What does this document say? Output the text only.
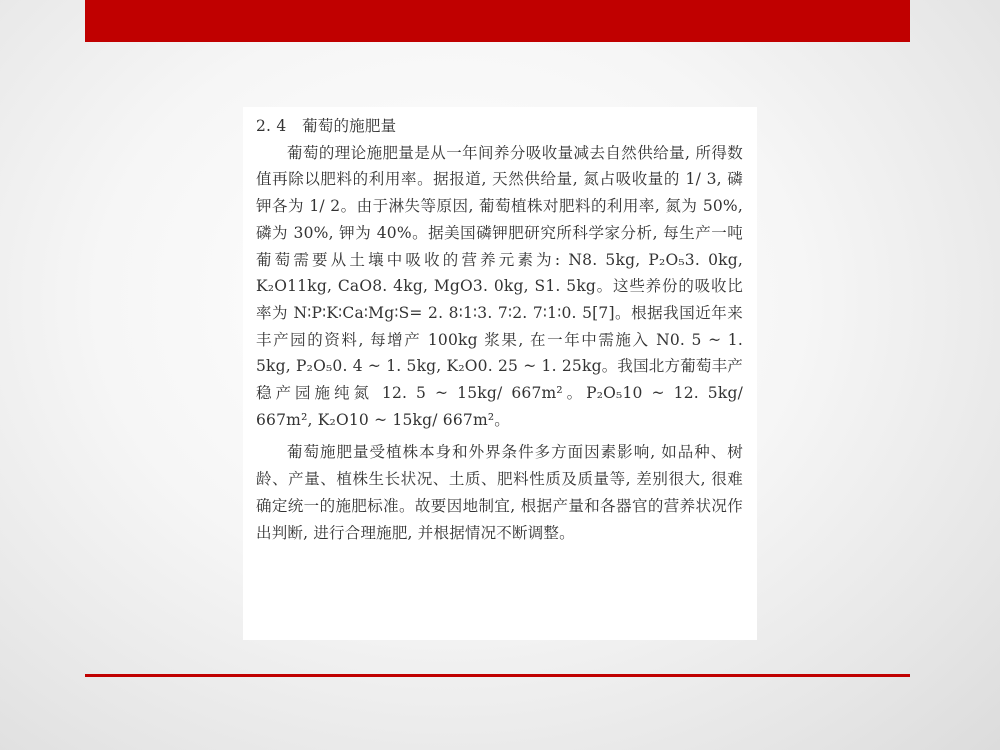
2. 4　葡萄的施肥量

葡萄的理论施肥量是从一年间养分吸收量减去自然供给量, 所得数值再除以肥料的利用率。据报道, 天然供给量, 氮占吸收量的 1/ 3, 磷钾各为 1/ 2。由于淋失等原因, 葡萄植株对肥料的利用率, 氮为 50%, 磷为 30%, 钾为 40%。据美国磷钾肥研究所科学家分析, 每生产一吨葡萄需要从土壤中吸收的营养元素为: N8. 5kg, P₂O₅3. 0kg, K₂O11kg, CaO8. 4kg, MgO3. 0kg, S1. 5kg。这些养份的吸收比率为 N∶P∶K∶Ca∶Mg∶S= 2. 8∶1∶3. 7∶2. 7∶1∶0. 5[7]。根据我国近年来丰产园的资料, 每增产 100kg 浆果, 在一年中需施入 N0. 5 ~ 1. 5kg, P₂O₅0. 4 ~ 1. 5kg, K₂O0. 25 ~ 1. 25kg。我国北方葡萄丰产稳产园施纯氮 12. 5 ~ 15kg/ 667m²。P₂O₅10 ~ 12. 5kg/ 667m², K₂O10 ~ 15kg/ 667m²。

葡萄施肥量受植株本身和外界条件多方面因素影响, 如品种、树龄、产量、植株生长状况、土质、肥料性质及质量等, 差别很大, 很难确定统一的施肥标准。故要因地制宜, 根据产量和各器官的营养状况作出判断, 进行合理施肥, 并根据情况不断调整。
